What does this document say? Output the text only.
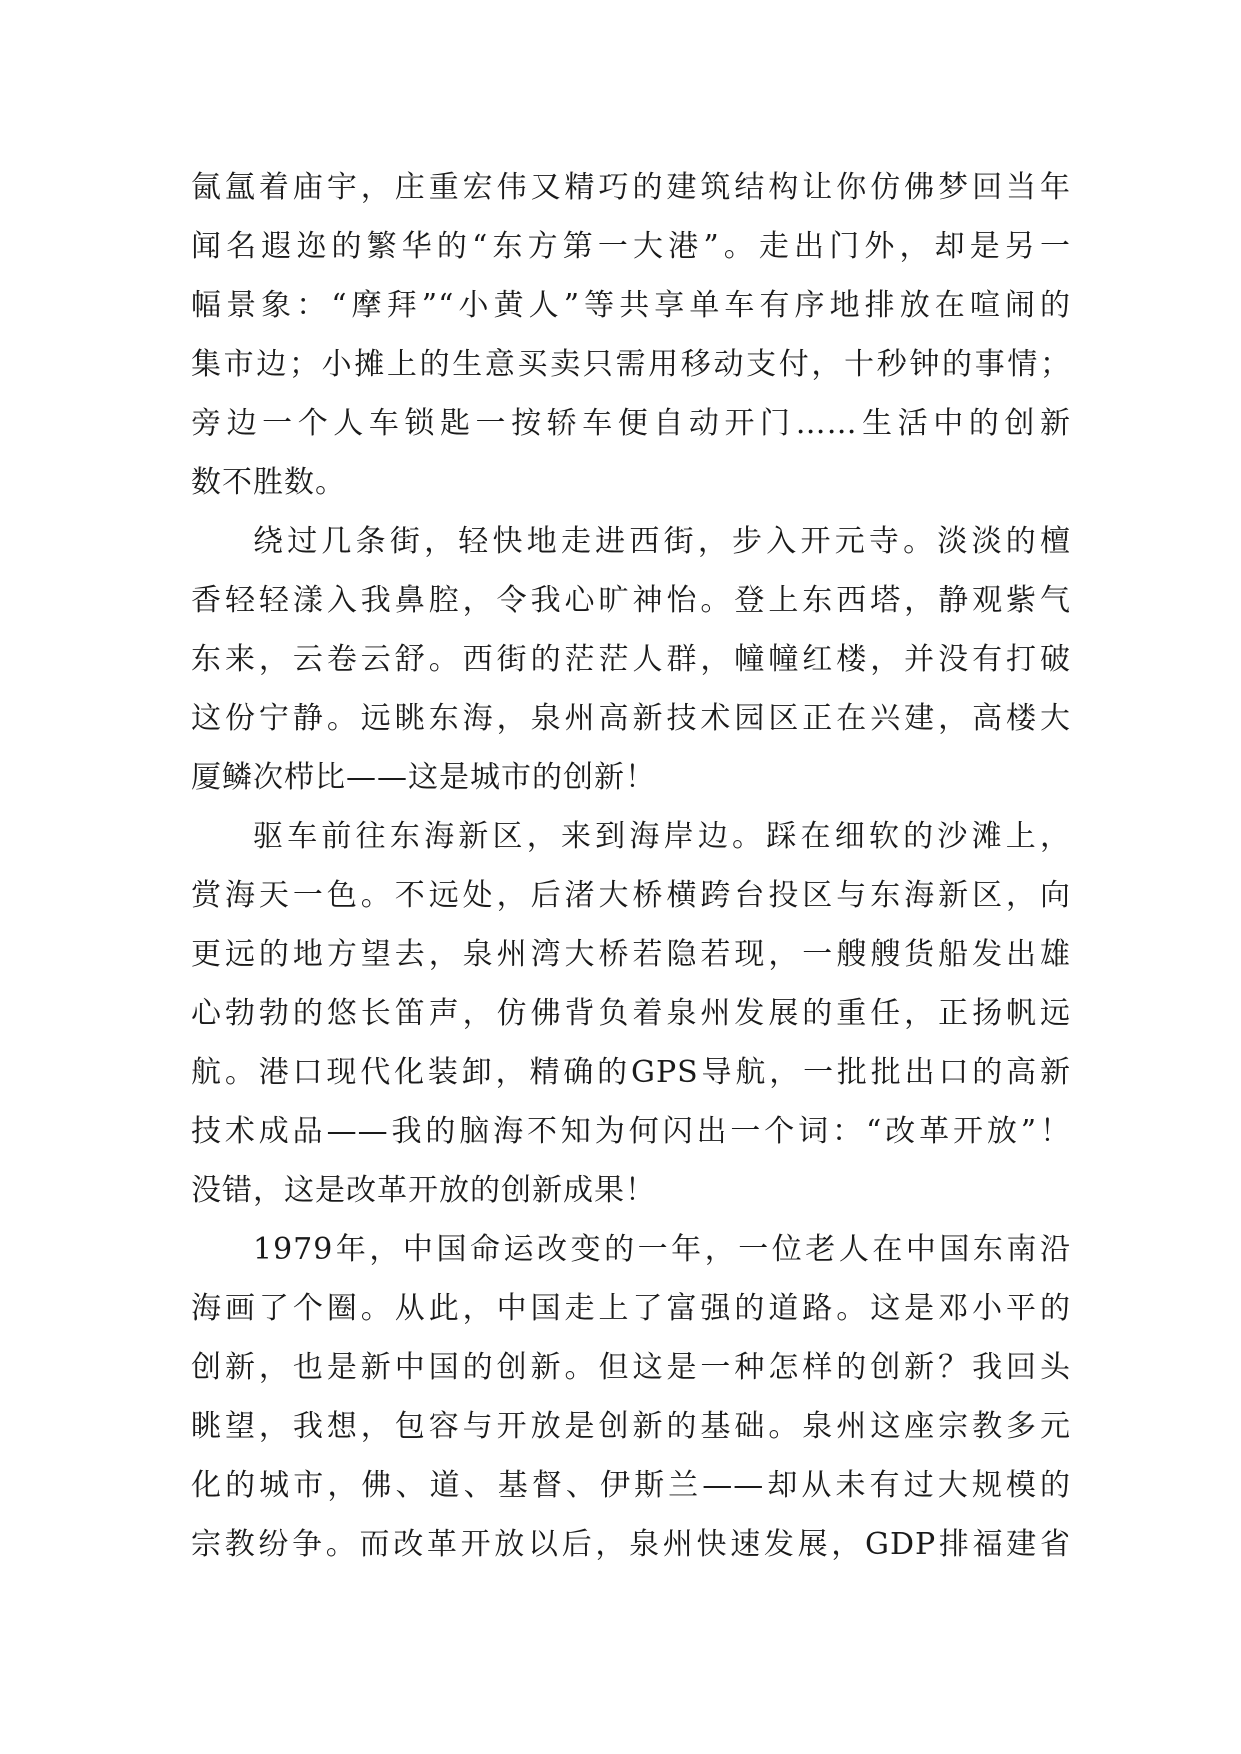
氤氲着庙宇，庄重宏伟又精巧的建筑结构让你仿佛梦回当年
闻名遐迩的繁华的“东方第一大港”。走出门外，却是另一
幅景象：“摩拜”“小黄人”等共享单车有序地排放在喧闹的
集市边；小摊上的生意买卖只需用移动支付，十秒钟的事情；
旁边一个人车锁匙一按轿车便自动开门……生活中的创新
数不胜数。
绕过几条街，轻快地走进西街，步入开元寺。淡淡的檀
香轻轻漾入我鼻腔，令我心旷神怡。登上东西塔，静观紫气
东来，云卷云舒。西街的茫茫人群，幢幢红楼，并没有打破
这份宁静。远眺东海，泉州高新技术园区正在兴建，高楼大
厦鳞次栉比——这是城市的创新！
驱车前往东海新区，来到海岸边。踩在细软的沙滩上，
赏海天一色。不远处，后渚大桥横跨台投区与东海新区，向
更远的地方望去，泉州湾大桥若隐若现，一艘艘货船发出雄
心勃勃的悠长笛声，仿佛背负着泉州发展的重任，正扬帆远
航。港口现代化装卸，精确的GPS导航，一批批出口的高新
技术成品——我的脑海不知为何闪出一个词：“改革开放”！
没错，这是改革开放的创新成果！
1979年，中国命运改变的一年，一位老人在中国东南沿
海画了个圈。从此，中国走上了富强的道路。这是邓小平的
创新，也是新中国的创新。但这是一种怎样的创新？我回头
眺望，我想，包容与开放是创新的基础。泉州这座宗教多元
化的城市，佛、道、基督、伊斯兰——却从未有过大规模的
宗教纷争。而改革开放以后，泉州快速发展，GDP排福建省
